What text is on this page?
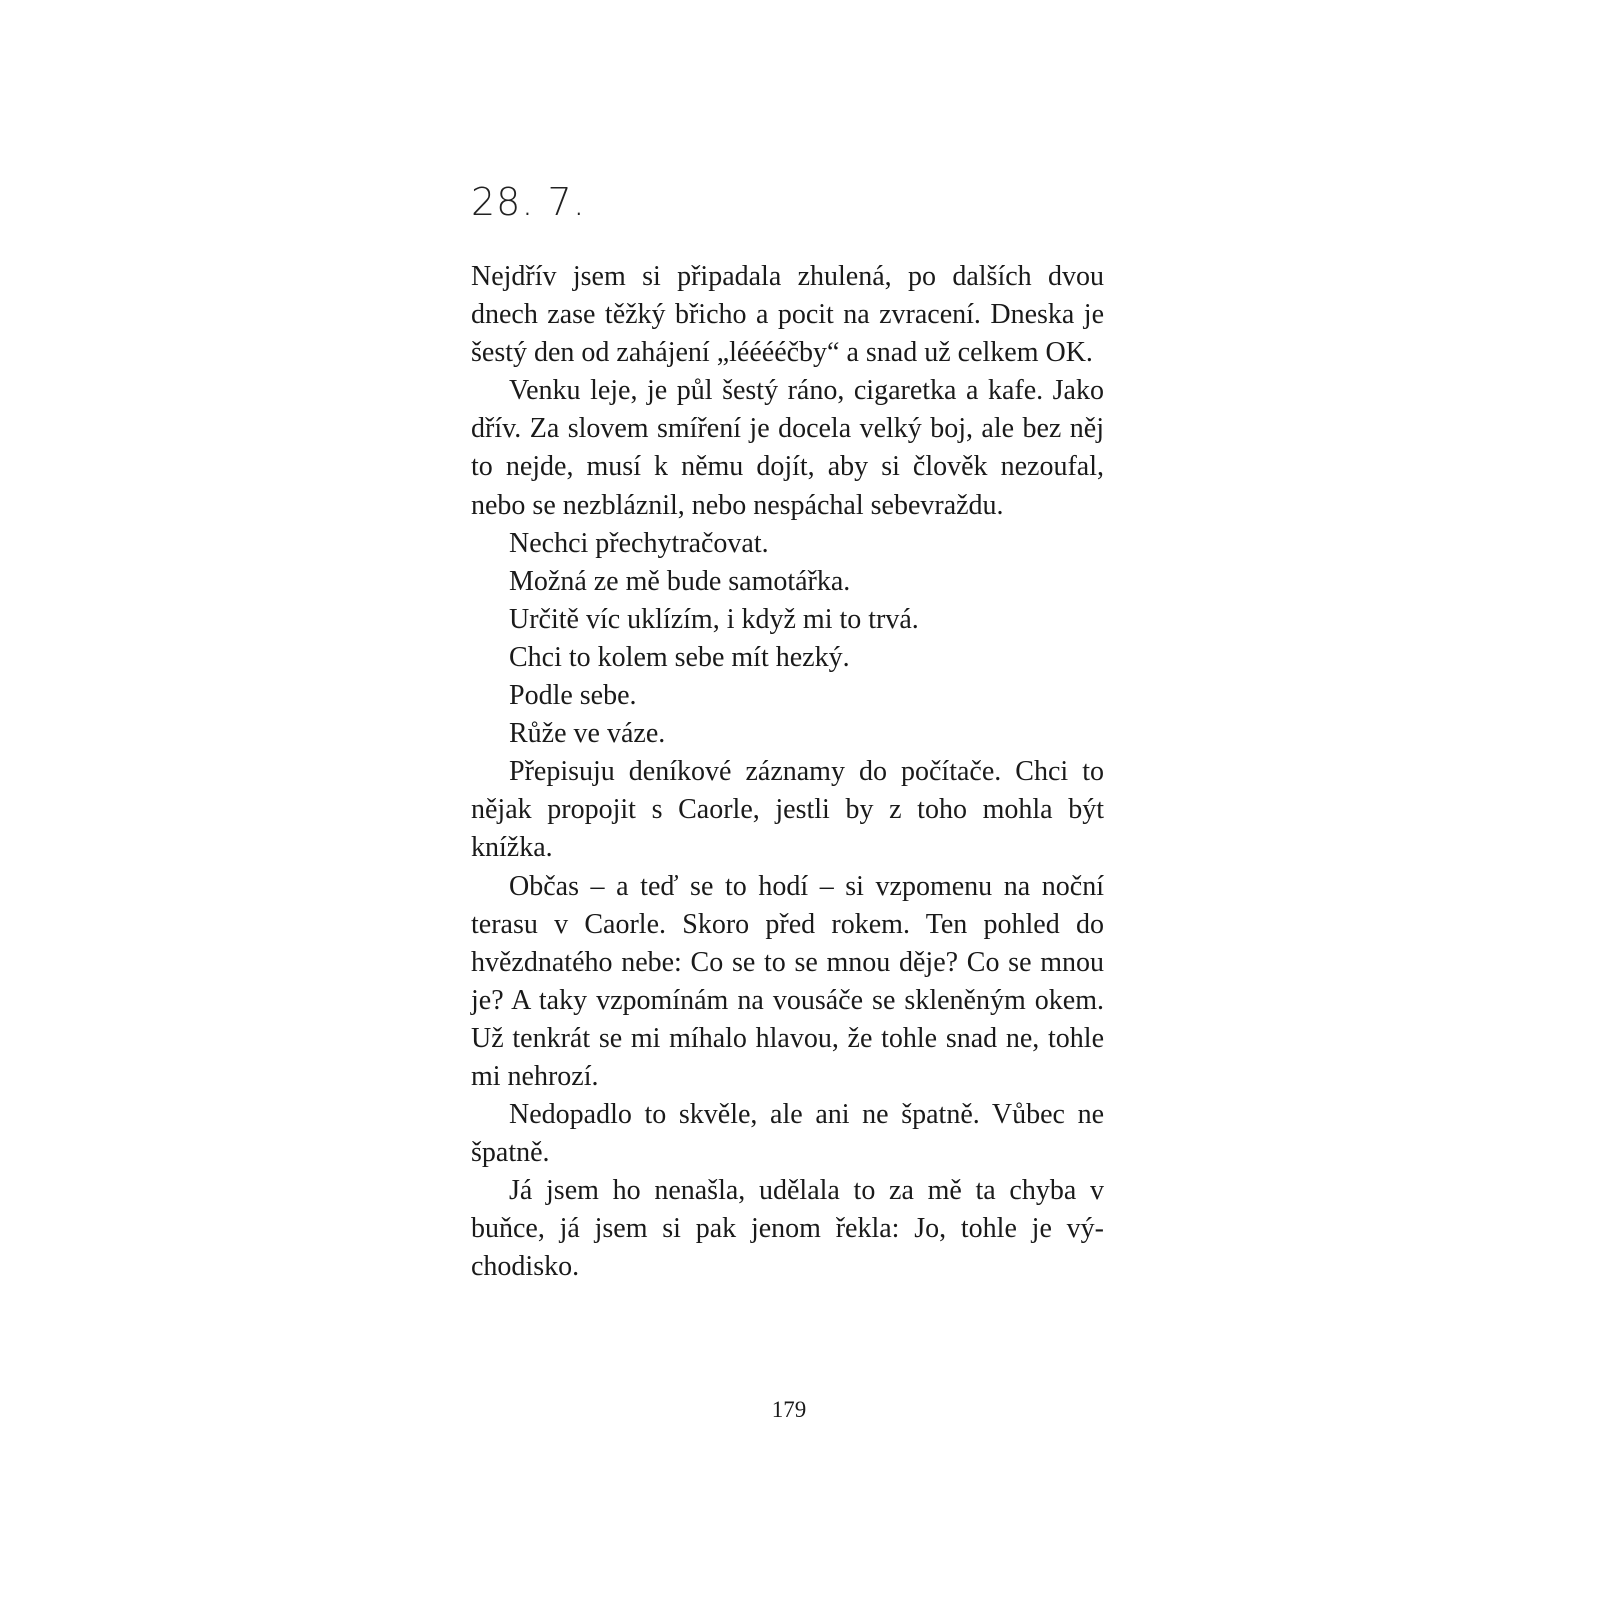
28. 7.

Nejdřív jsem si připadala zhulená, po dalších dvou dnech zase těžký břicho a pocit na zvracení. Dneska je šestý den od zahájení „lééééčby“ a snad už celkem OK.

Venku leje, je půl šestý ráno, cigaretka a kafe. Jako dřív. Za slovem smíření je docela velký boj, ale bez něj to nejde, musí k němu dojít, aby si člověk nezoufal, nebo se nezbláznil, nebo nespáchal sebevraždu.

Nechci přechytračovat.

Možná ze mě bude samotářka.

Určitě víc uklízím, i když mi to trvá.

Chci to kolem sebe mít hezký.

Podle sebe.

Růže ve váze.

Přepisuju deníkové záznamy do počítače. Chci to nějak propojit s Caorle, jestli by z toho mohla být knížka.

Občas – a teď se to hodí – si vzpomenu na noční terasu v Caorle. Skoro před rokem. Ten pohled do hvězdnatého nebe: Co se to se mnou děje? Co se mnou je? A taky vzpomínám na vousáče se skleněným okem. Už tenkrát se mi míhalo hlavou, že tohle snad ne, tohle mi nehrozí.

Nedopadlo to skvěle, ale ani ne špatně. Vůbec ne špatně.

Já jsem ho nenašla, udělala to za mě ta chyba v buňce, já jsem si pak jenom řekla: Jo, tohle je východisko.

179
